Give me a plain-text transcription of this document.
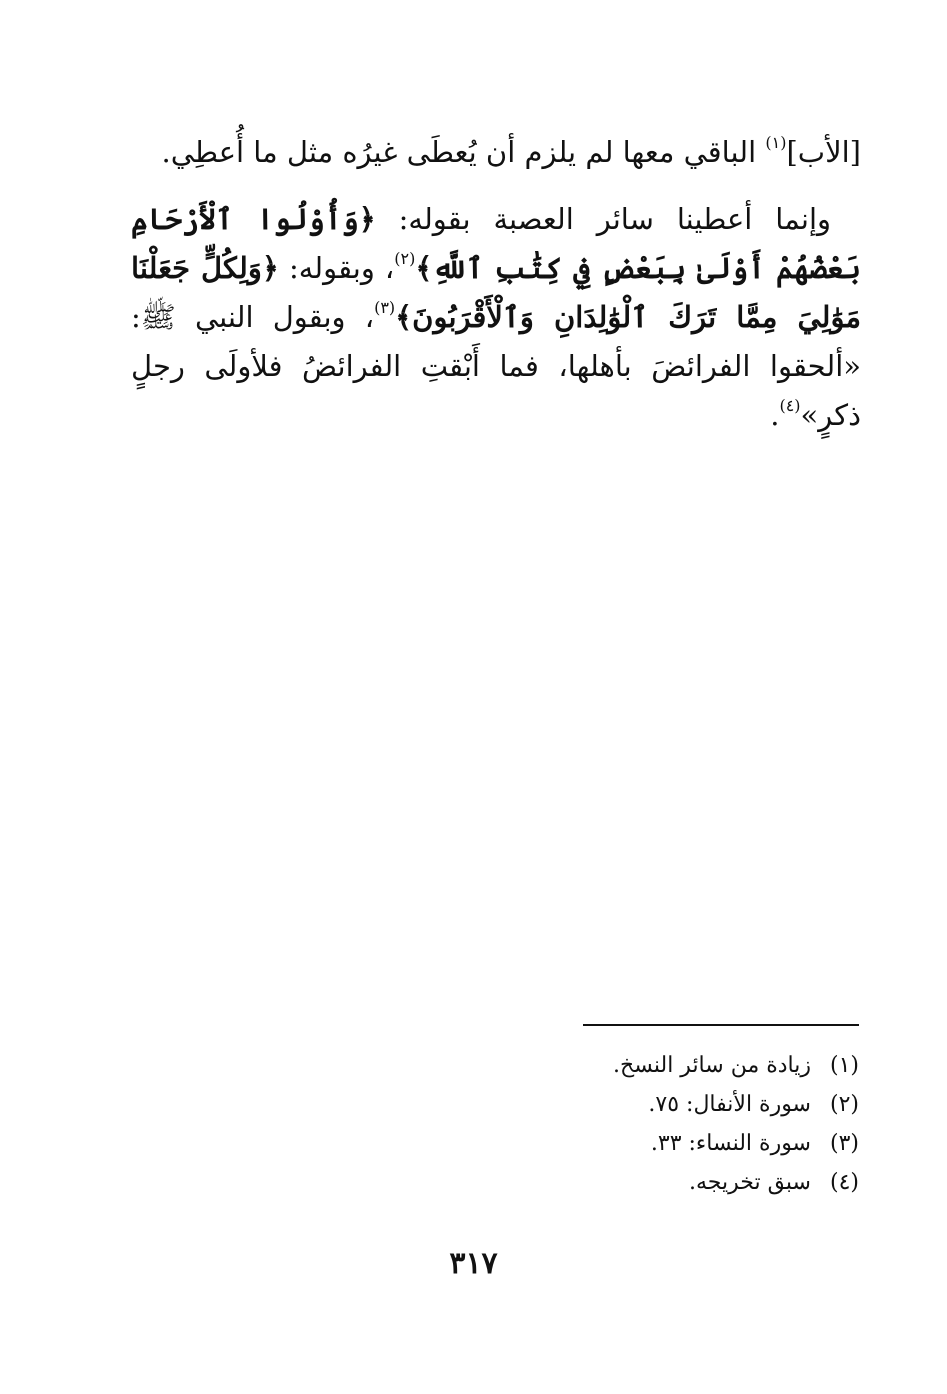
[الأب]$^{(١)}$ الباقي معها لم يلزم أن يُعطَى غيرُه مثل ما أُعطِي.

وإنما أعطينا سائر العصبة بقوله: ﴿وَأُوْلُوا ٱلْأَرْحَامِ بَعْضُهُمْ أَوْلَىٰ بِبَعْضٍ فِي كِتَٰبِ ٱللَّهِ﴾$^{(٢)}$، وبقوله: ﴿وَلِكُلٍّ جَعَلْنَا مَوَٰلِيَ مِمَّا تَرَكَ ٱلْوَٰلِدَانِ وَٱلْأَقْرَبُونَ﴾$^{(٣)}$، وبقول النبي ﷺ: «ألحقوا الفرائضَ بأهلها، فما أَبْقتِ الفرائضُ فلأولَى رجلٍ ذكرٍ»$^{(٤)}$.

(١)
زيادة من سائر النسخ.
(٢)
سورة الأنفال: ٧٥.
(٣)
سورة النساء: ٣٣.
(٤)
سبق تخريجه.
٣١٧
